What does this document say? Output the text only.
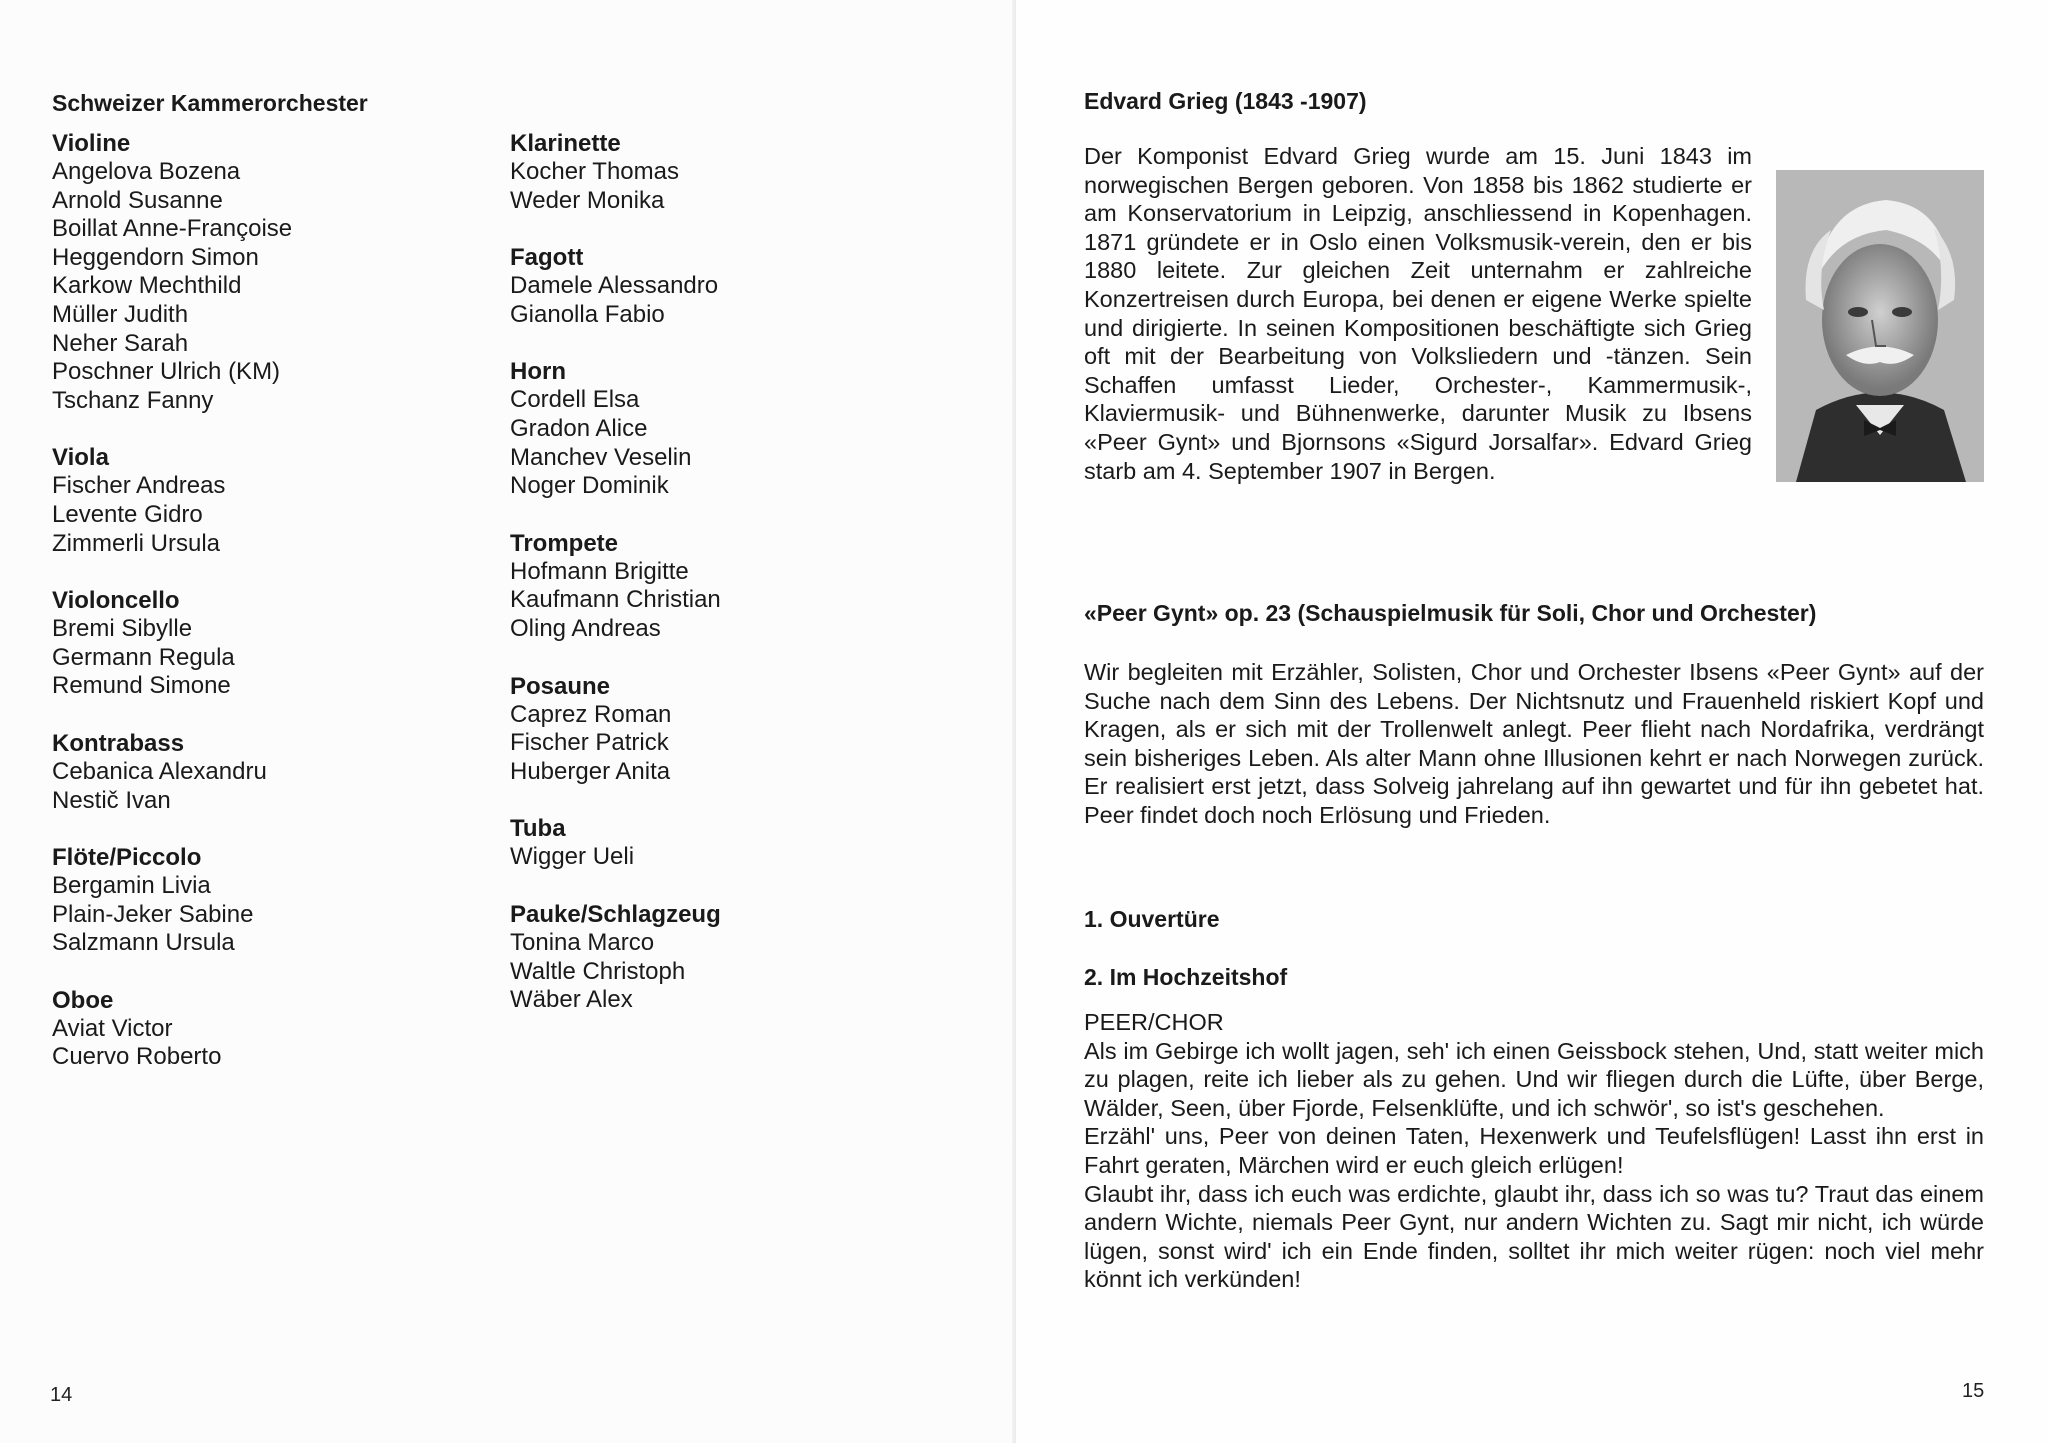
Schweizer Kammerorchester
Violine
Angelova Bozena
Arnold Susanne
Boillat Anne-Françoise
Heggendorn Simon
Karkow Mechthild
Müller Judith
Neher Sarah
Poschner Ulrich (KM)
Tschanz Fanny
Viola
Fischer Andreas
Levente Gidro
Zimmerli Ursula
Violoncello
Bremi Sibylle
Germann Regula
Remund Simone
Kontrabass
Cebanica Alexandru
Nestič Ivan
Flöte/Piccolo
Bergamin Livia
Plain-Jeker Sabine
Salzmann Ursula
Oboe
Aviat Victor
Cuervo Roberto
Klarinette
Kocher Thomas
Weder Monika
Fagott
Damele Alessandro
Gianolla Fabio
Horn
Cordell Elsa
Gradon Alice
Manchev Veselin
Noger Dominik
Trompete
Hofmann Brigitte
Kaufmann Christian
Oling Andreas
Posaune
Caprez Roman
Fischer Patrick
Huberger Anita
Tuba
Wigger Ueli
Pauke/Schlagzeug
Tonina Marco
Waltle Christoph
Wäber Alex
14
Edvard Grieg (1843 -1907)
Der Komponist Edvard Grieg wurde am 15. Juni 1843 im norwegischen Bergen geboren. Von 1858 bis 1862 studierte er am Konservatorium in Leipzig, anschliessend in Kopenhagen. 1871 gründete er in Oslo einen Volksmusik-verein, den er bis 1880 leitete. Zur gleichen Zeit unternahm er zahlreiche Konzertreisen durch Europa, bei denen er eigene Werke spielte und dirigierte. In seinen Kompositionen beschäftigte sich Grieg oft mit der Bearbeitung von Volksliedern und -tänzen. Sein Schaffen umfasst Lieder, Orchester-, Kammermusik-, Klaviermusik- und Bühnenwerke, darunter Musik zu Ibsens «Peer Gynt» und Bjornsons «Sigurd Jorsalfar». Edvard Grieg starb am 4. September 1907 in Bergen.
«Peer Gynt» op. 23 (Schauspielmusik für Soli, Chor und Orchester)
Wir begleiten mit Erzähler, Solisten, Chor und Orchester Ibsens «Peer Gynt» auf der Suche nach dem Sinn des Lebens. Der Nichtsnutz und Frauenheld riskiert Kopf und Kragen, als er sich mit der Trollenwelt anlegt. Peer flieht nach Nordafrika, verdrängt sein bisheriges Leben. Als alter Mann ohne Illusionen kehrt er nach Norwegen zurück. Er realisiert erst jetzt, dass Solveig jahrelang auf ihn gewartet und für ihn gebetet hat. Peer findet doch noch Erlösung und Frieden.
1. Ouvertüre
2. Im Hochzeitshof

PEER/CHOR

Als im Gebirge ich wollt jagen, seh' ich einen Geissbock stehen, Und, statt weiter mich zu plagen, reite ich lieber als zu gehen. Und wir fliegen durch die Lüfte, über Berge, Wälder, Seen, über Fjorde, Felsenklüfte, und ich schwör', so ist's geschehen.

Erzähl' uns, Peer von deinen Taten, Hexenwerk und Teufelsflügen! Lasst ihn erst in Fahrt geraten, Märchen wird er euch gleich erlügen!

Glaubt ihr, dass ich euch was erdichte, glaubt ihr, dass ich so was tu? Traut das einem andern Wichte, niemals Peer Gynt, nur andern Wichten zu. Sagt mir nicht, ich würde lügen, sonst wird' ich ein Ende finden, solltet ihr mich weiter rügen: noch viel mehr könnt ich verkünden!

15
